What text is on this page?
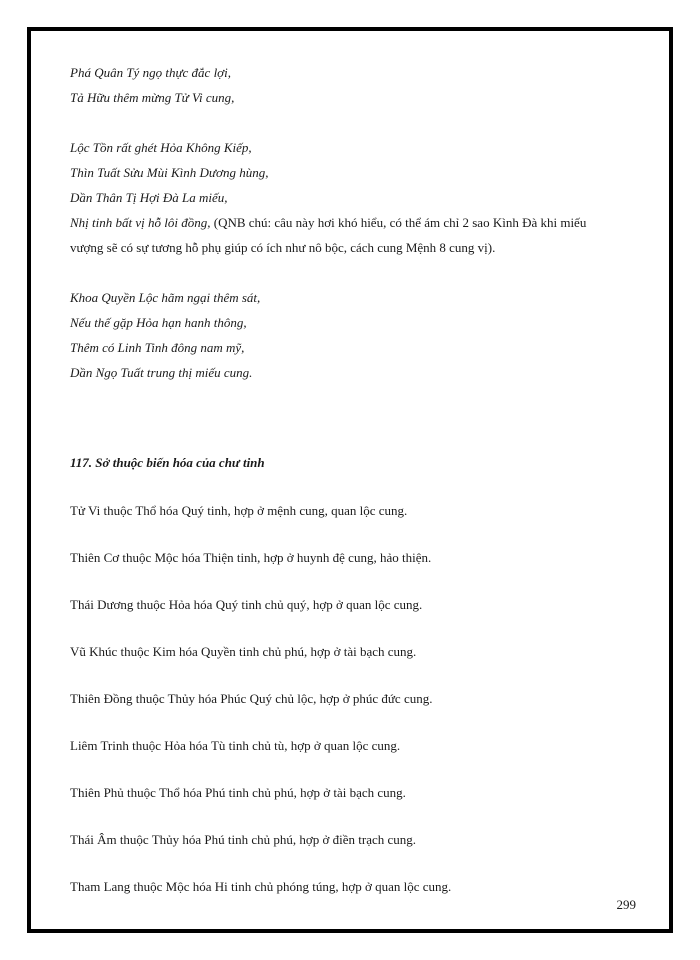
Phá Quân Tý ngọ thực đắc lợi,
Tả Hữu thêm mừng Tử Vi cung,
Lộc Tồn rất ghét Hỏa Không Kiếp,
Thìn Tuất Sửu Mùi Kình Dương hùng,
Dần Thân Tị Hợi Đà La miếu,
Nhị tinh bất vị hỗ lôi đồng, (QNB chú: câu này hơi khó hiểu, có thể ám chỉ 2 sao Kình Đà khi miếu
vượng sẽ có sự tương hỗ phụ giúp có ích như nô bộc, cách cung Mệnh 8 cung vị).
Khoa Quyền Lộc hãm ngại thêm sát,
Nếu thế gặp Hỏa hạn hanh thông,
Thêm có Linh Tinh đông nam mỹ,
Dần Ngọ Tuất trung thị miếu cung.
117. Sở thuộc biến hóa của chư tinh
Tử Vi thuộc Thổ hóa Quý tinh, hợp ở mệnh cung, quan lộc cung.
Thiên Cơ thuộc Mộc hóa Thiện tinh, hợp ở huynh đệ cung, hảo thiện.
Thái Dương thuộc Hỏa hóa Quý tinh chủ quý, hợp ở quan lộc cung.
Vũ Khúc thuộc Kim hóa Quyền tinh chủ phú, hợp ở tài bạch cung.
Thiên Đồng thuộc Thủy hóa Phúc Quý chủ lộc, hợp ở phúc đức cung.
Liêm Trinh thuộc Hỏa hóa Tù tinh chủ tù, hợp ở quan lộc cung.
Thiên Phủ thuộc Thổ hóa Phú tinh chủ phú, hợp ở tài bạch cung.
Thái Âm thuộc Thủy hóa Phú tinh chủ phú, hợp ở điền trạch cung.
Tham Lang thuộc Mộc hóa Hi tinh chủ phóng túng, hợp ở quan lộc cung.
299
